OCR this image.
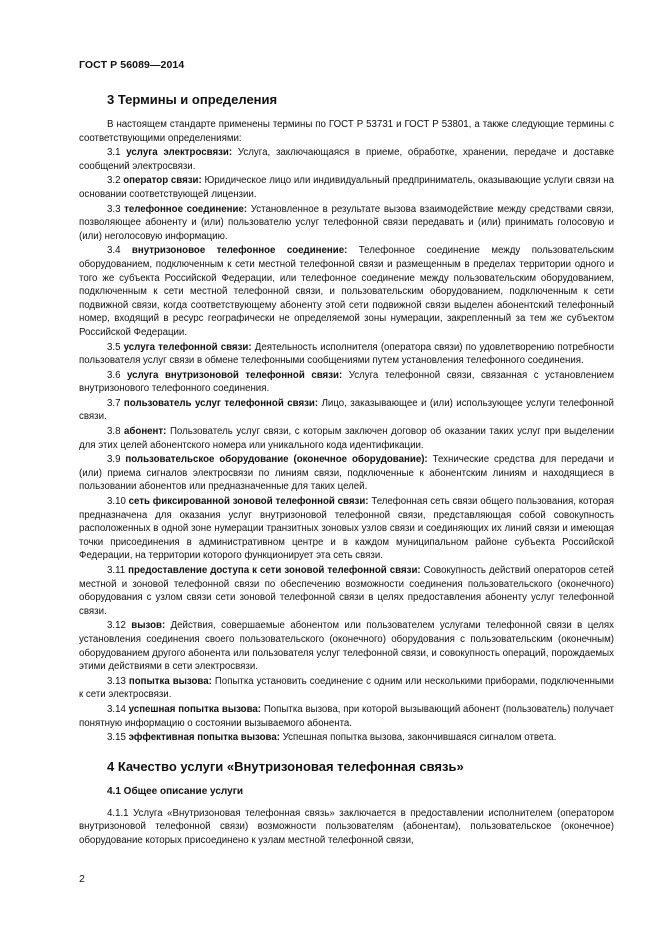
ГОСТ Р 56089—2014
3 Термины и определения

В настоящем стандарте применены термины по ГОСТ Р 53731 и ГОСТ Р 53801, а также следующие термины с соответствующими определениями:

3.1 услуга электросвязи: Услуга, заключающаяся в приеме, обработке, хранении, передаче и доставке сообщений электросвязи.

3.2 оператор связи: Юридическое лицо или индивидуальный предприниматель, оказывающие услуги связи на основании соответствующей лицензии.

3.3 телефонное соединение: Установленное в результате вызова взаимодействие между средствами связи, позволяющее абоненту и (или) пользователю услуг телефонной связи передавать и (или) принимать голосовую и (или) неголосовую информацию.

3.4 внутризоновое телефонное соединение: Телефонное соединение между пользовательским оборудованием, подключенным к сети местной телефонной связи и размещенным в пределах территории одного и того же субъекта Российской Федерации, или телефонное соединение между пользовательским оборудованием, подключенным к сети местной телефонной связи, и пользовательским оборудованием, подключенным к сети подвижной связи, когда соответствующему абоненту этой сети подвижной связи выделен абонентский телефонный номер, входящий в ресурс географически не определяемой зоны нумерации, закрепленный за тем же субъектом Российской Федерации.

3.5 услуга телефонной связи: Деятельность исполнителя (оператора связи) по удовлетворению потребности пользователя услуг связи в обмене телефонными сообщениями путем установления телефонного соединения.

3.6 услуга внутризоновой телефонной связи: Услуга телефонной связи, связанная с установлением внутризонового телефонного соединения.

3.7 пользователь услуг телефонной связи: Лицо, заказывающее и (или) использующее услуги телефонной связи.

3.8 абонент: Пользователь услуг связи, с которым заключен договор об оказании таких услуг при выделении для этих целей абонентского номера или уникального кода идентификации.

3.9 пользовательское оборудование (оконечное оборудование): Технические средства для передачи и (или) приема сигналов электросвязи по линиям связи, подключенные к абонентским линиям и находящиеся в пользовании абонентов или предназначенные для таких целей.

3.10 сеть фиксированной зоновой телефонной связи: Телефонная сеть связи общего пользования, которая предназначена для оказания услуг внутризоновой телефонной связи, представляющая собой совокупность расположенных в одной зоне нумерации транзитных зоновых узлов связи и соединяющих их линий связи и имеющая точки присоединения в административном центре и в каждом муниципальном районе субъекта Российской Федерации, на территории которого функционирует эта сеть связи.

3.11 предоставление доступа к сети зоновой телефонной связи: Совокупность действий операторов сетей местной и зоновой телефонной связи по обеспечению возможности соединения пользовательского (оконечного) оборудования с узлом связи сети зоновой телефонной связи в целях предоставления абоненту услуг телефонной связи.

3.12 вызов: Действия, совершаемые абонентом или пользователем услугами телефонной связи в целях установления соединения своего пользовательского (оконечного) оборудования с пользовательским (оконечным) оборудованием другого абонента или пользователя услуг телефонной связи, и совокупность операций, порождаемых этими действиями в сети электросвязи.

3.13 попытка вызова: Попытка установить соединение с одним или несколькими приборами, подключенными к сети электросвязи.

3.14 успешная попытка вызова: Попытка вызова, при которой вызывающий абонент (пользователь) получает понятную информацию о состоянии вызываемого абонента.

3.15 эффективная попытка вызова: Успешная попытка вызова, закончившаяся сигналом ответа.

4 Качество услуги «Внутризоновая телефонная связь»
4.1 Общее описание услуги

4.1.1 Услуга «Внутризоновая телефонная связь» заключается в предоставлении исполнителем (оператором внутризоновой телефонной связи) возможности пользователям (абонентам), пользовательское (оконечное) оборудование которых присоединено к узлам местной телефонной связи,

2
